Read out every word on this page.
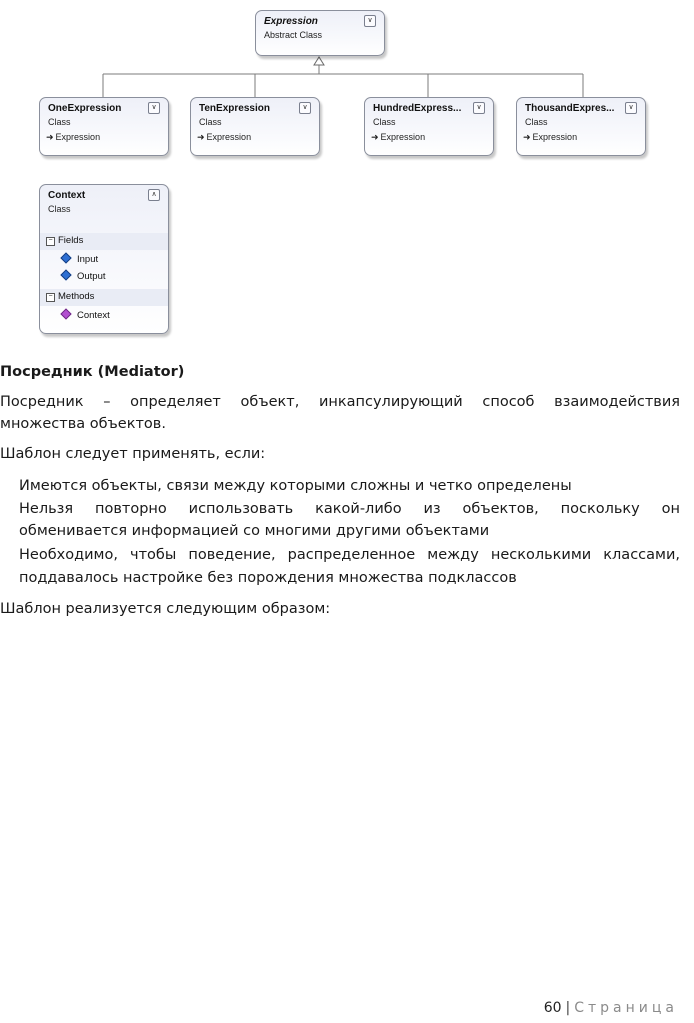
Expression
Abstract Class
∨
OneExpression
Class
➜ Expression
∨	TenExpression
Class
➜ Expression
∨	HundredExpress...
Class
➜ Expression
∨	ThousandExpres...
Class
➜ Expression
∨
Context
Class
∧
− Fields
Input
Output
− Methods
Context
Посредник (Mediator)
Посредник – определяет объект, инкапсулирующий способ взаимодействия
множества объектов.
Шаблон следует применять, если:
Имеются объекты, связи между которыми сложны и четко определены
Нельзя повторно использовать какой-либо из объектов, поскольку он
обменивается информацией со многими другими объектами
Необходимо, чтобы поведение, распределенное между несколькими классами,
поддавалось настройке без порождения множества подклассов
Шаблон реализуется следующим образом:
60 | Страница
